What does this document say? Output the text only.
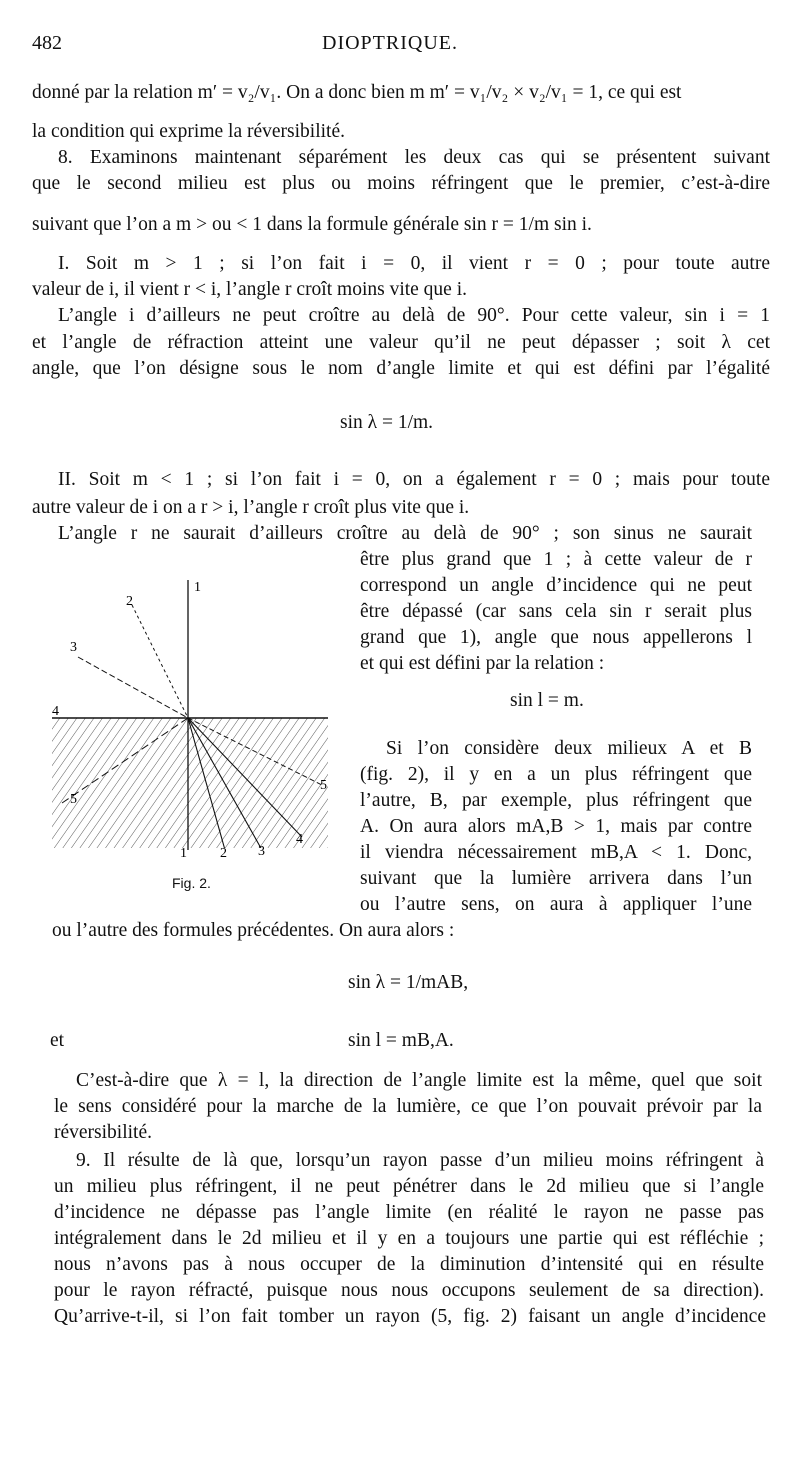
482	DIOPTRIQUE.
donné par la relation m′ = v₂/v₁. On a donc bien m m′ = v₁/v₂ × v₂/v₁ = 1, ce qui est
la condition qui exprime la réversibilité.
8. Examinons maintenant séparément les deux cas qui se présentent suivant
que le second milieu est plus ou moins réfringent que le premier, c’est-à-dire
suivant que l’on a m > ou < 1 dans la formule générale sin r = 1/m sin i.
I. Soit m > 1 ; si l’on fait i = 0, il vient r = 0 ; pour toute autre
valeur de i, il vient r < i, l’angle r croît moins vite que i.
L’angle i d’ailleurs ne peut croître au delà de 90°. Pour cette valeur, sin i = 1
et l’angle de réfraction atteint une valeur qu’il ne peut dépasser ; soit λ cet
angle, que l’on désigne sous le nom d’angle limite et qui est défini par l’égalité
sin λ = 1/m.
II. Soit m < 1 ; si l’on fait i = 0, on a également r = 0 ; mais pour toute
autre valeur de i on a r > i, l’angle r croît plus vite que i.
L’angle r ne saurait d’ailleurs croître au delà de 90° ; son sinus ne saurait
être plus grand que 1 ; à cette valeur de r
correspond un angle d’incidence qui ne peut
être dépassé (car sans cela sin r serait plus
grand que 1), angle que nous appellerons l
et qui est défini par la relation :
sin l = m.
Si l’on considère deux milieux A et B
(fig. 2), il y en a un plus réfringent que
l’autre, B, par exemple, plus réfringent que
A. On aura alors mA,B > 1, mais par contre
il viendra nécessairement mB,A < 1. Donc,
suivant que la lumière arrivera dans l’un
ou l’autre sens, on aura à appliquer l’une
ou l’autre des formules précédentes. On aura alors :
sin λ = 1/mAB,
et	sin l = mB,A.
C’est-à-dire que λ = l, la direction de l’angle limite est la même, quel que soit
le sens considéré pour la marche de la lumière, ce que l’on pouvait prévoir par la
réversibilité.
9. Il résulte de là que, lorsqu’un rayon passe d’un milieu moins réfringent à
un milieu plus réfringent, il ne peut pénétrer dans le 2d milieu que si l’angle
d’incidence ne dépasse pas l’angle limite (en réalité le rayon ne passe pas
intégralement dans le 2d milieu et il y en a toujours une partie qui est réfléchie ;
nous n’avons pas à nous occuper de la diminution d’intensité qui en résulte
pour le rayon réfracté, puisque nous nous occupons seulement de sa direction).
Qu’arrive-t-il, si l’on fait tomber un rayon (5, fig. 2) faisant un angle d’incidence
1
2
3
4
1 2 3
4
5
5
Fig. 2.
